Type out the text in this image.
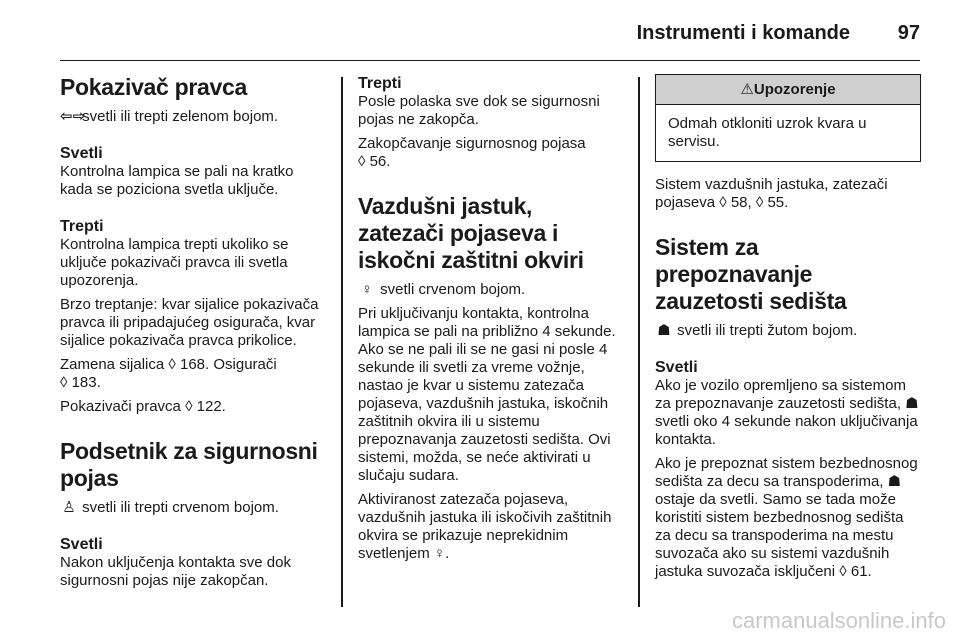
Instrumenti i komande 97
Pokazivač pravca

⇦⇨ svetli ili trepti zelenom bojom.

Svetli

Kontrolna lampica se pali na kratko kada se poziciona svetla uključe.

Trepti

Kontrolna lampica trepti ukoliko se uključe pokazivači pravca ili svetla upozorenja.

Brzo treptanje: kvar sijalice pokazivača pravca ili pripadajućeg osigurača, kvar sijalice pokazivača pravca prikolice.

Zamena sijalica ◊ 168. Osigurači
◊ 183.

Pokazivači pravca ◊ 122.

Podsetnik za sigurnosni pojas

♙ svetli ili trepti crvenom bojom.

Svetli

Nakon uključenja kontakta sve dok sigurnosni pojas nije zakopčan.

Trepti

Posle polaska sve dok se sigurnosni pojas ne zakopča.

Zakopčavanje sigurnosnog pojasa
◊ 56.

Vazdušni jastuk, zatezači pojaseva i iskočni zaštitni okviri

♀ svetli crvenom bojom.

Pri uključivanju kontakta, kontrolna lampica se pali na približno 4 sekunde. Ako se ne pali ili se ne gasi ni posle 4 sekunde ili svetli za vreme vožnje, nastao je kvar u sistemu zatezača pojaseva, vazdušnih jastuka, iskočnih zaštitnih okvira ili u sistemu prepoznavanja zauzetosti sedišta. Ovi sistemi, možda, se neće aktivirati u slučaju sudara.

Aktiviranost zatezača pojaseva, vazdušnih jastuka ili iskočivih zaštitnih okvira se prikazuje neprekidnim svetlenjem ♀.

⚠Upozorenje
Odmah otkloniti uzrok kvara u servisu.

Sistem vazdušnih jastuka, zatezači pojaseva ◊ 58, ◊ 55.

Sistem za prepoznavanje zauzetosti sedišta

☗ svetli ili trepti žutom bojom.

Svetli

Ako je vozilo opremljeno sa sistemom za prepoznavanje zauzetosti sedišta, ☗ svetli oko 4 sekunde nakon uključivanja kontakta.

Ako je prepoznat sistem bezbednosnog sedišta za decu sa transpoderima, ☗ ostaje da svetli. Samo se tada može koristiti sistem bezbednosnog sedišta za decu sa transpoderima na mestu suvozača ako su sistemi vazdušnih jastuka suvozača isključeni ◊ 61.

carmanualsonline.info
